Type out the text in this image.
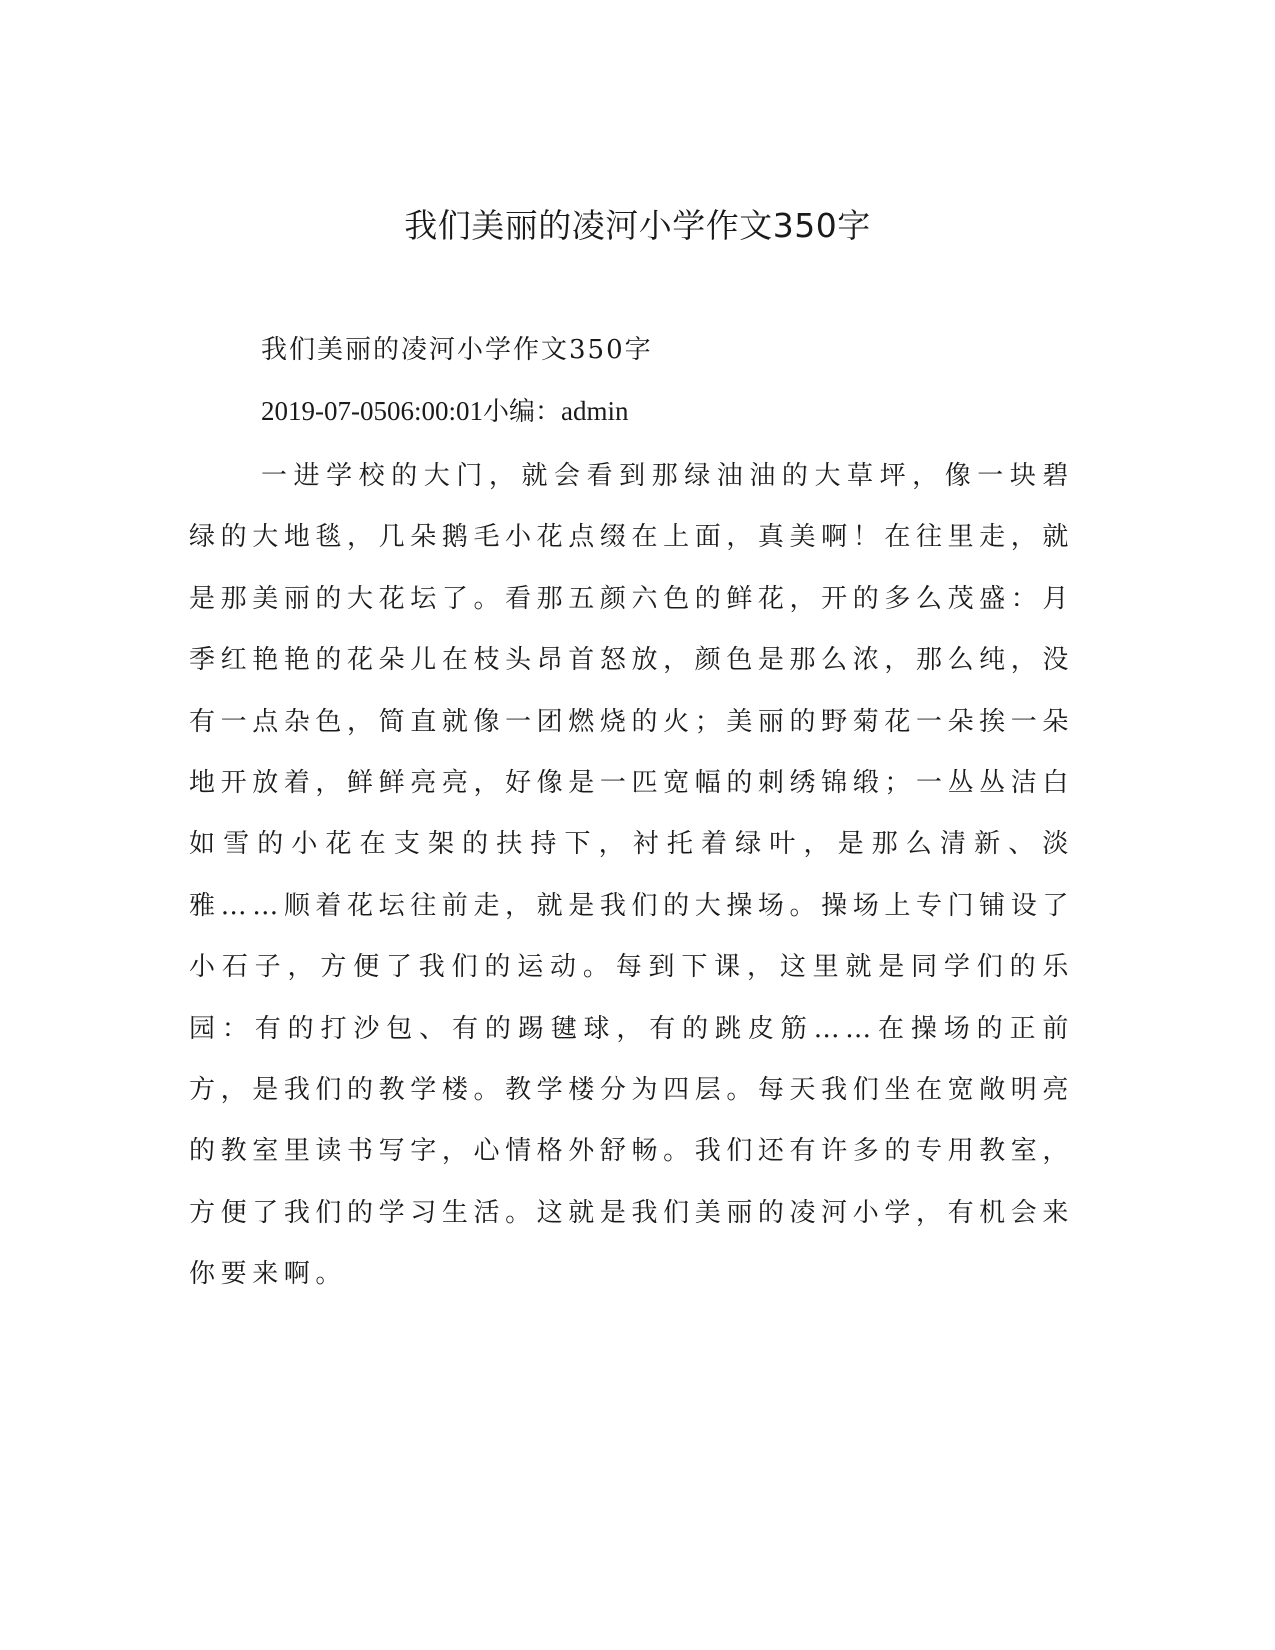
我们美丽的凌河小学作文350字
我们美丽的凌河小学作文350字
2019-07-0506:00:01小编：admin

一进学校的大门，就会看到那绿油油的大草坪，像一块碧绿的大地毯，几朵鹅毛小花点缀在上面，真美啊！在往里走，就是那美丽的大花坛了。看那五颜六色的鲜花，开的多么茂盛：月季红艳艳的花朵儿在枝头昂首怒放，颜色是那么浓，那么纯，没有一点杂色，简直就像一团燃烧的火；美丽的野菊花一朵挨一朵地开放着，鲜鲜亮亮，好像是一匹宽幅的刺绣锦缎；一丛丛洁白如雪的小花在支架的扶持下，衬托着绿叶，是那么清新、淡雅……顺着花坛往前走，就是我们的大操场。操场上专门铺设了小石子，方便了我们的运动。每到下课，这里就是同学们的乐园：有的打沙包、有的踢毽球，有的跳皮筋……在操场的正前方，是我们的教学楼。教学楼分为四层。每天我们坐在宽敞明亮的教室里读书写字，心情格外舒畅。我们还有许多的专用教室，方便了我们的学习生活。这就是我们美丽的凌河小学，有机会来你要来啊。
